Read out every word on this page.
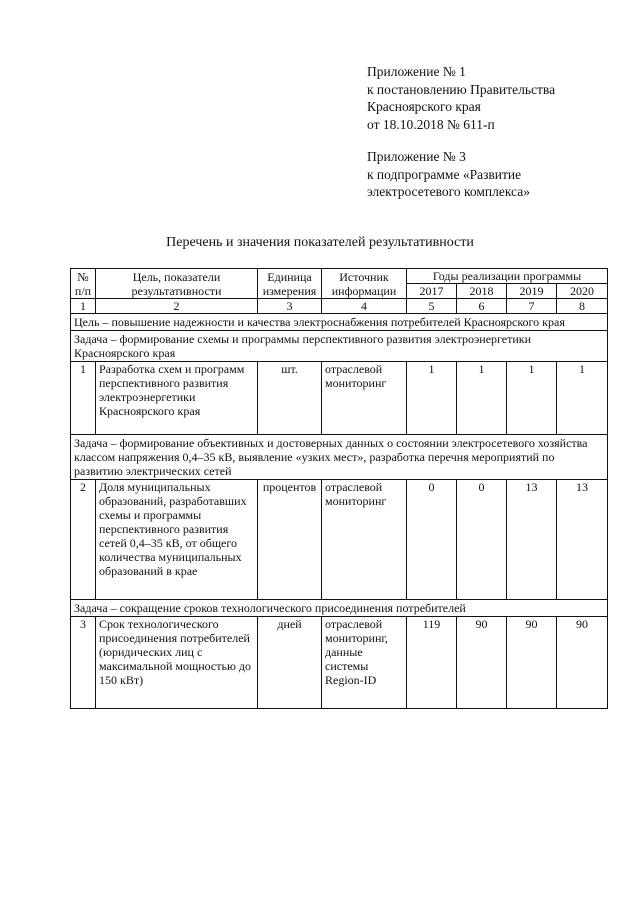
Приложение № 1
к постановлению Правительства
Красноярского края
от 18.10.2018 № 611-п
Приложение № 3
к подпрограмме «Развитие
электросетевого комплекса»
Перечень и значения показателей результативности
№
п/п	Цель, показатели результативности	Единица измерения	Источник информации	Годы реализации программы			
				2017	2018	2019	2020
1	2	3	4	5	6	7	8
Цель – повышение надежности и качества электроснабжения потребителей Красноярского края							
Задача – формирование схемы и программы перспективного развития электроэнергетики Красноярского края							
1	Разработка схем и программ перспективного развития электроэнергетики Красноярского края	шт.	отраслевой мониторинг	1	1	1	1
Задача – формирование объективных и достоверных данных о состоянии электросетевого хозяйства классом напряжения 0,4–35 кВ, выявление «узких мест», разработка перечня мероприятий по развитию электрических сетей							
2	Доля муниципальных образований, разработавших схемы и программы перспективного развития сетей 0,4–35 кВ, от общего количества муниципальных образований в крае	процентов	отраслевой мониторинг	0	0	13	13
Задача – сокращение сроков технологического присоединения потребителей							
3	Срок технологического присоединения потребителей (юридических лиц с максимальной мощностью до 150 кВт)	дней	отраслевой мониторинг, данные системы Region-ID	119	90	90	90
